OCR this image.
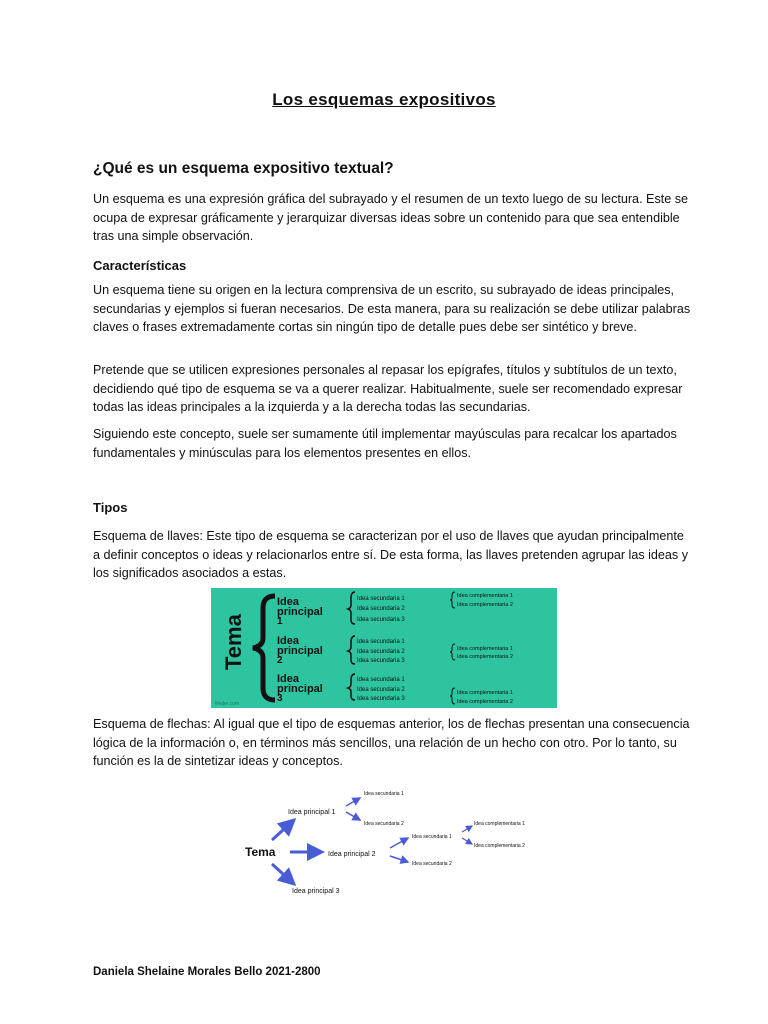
Los esquemas expositivos
¿Qué es un esquema expositivo textual?

Un esquema es una expresión gráfica del subrayado y el resumen de un texto luego de su lectura. Este se ocupa de expresar gráficamente y jerarquizar diversas ideas sobre un contenido para que sea entendible tras una simple observación.

Características

Un esquema tiene su origen en la lectura comprensiva de un escrito, su subrayado de ideas principales, secundarias y ejemplos si fueran necesarios. De esta manera, para su realización se debe utilizar palabras claves o frases extremadamente cortas sin ningún tipo de detalle pues debe ser sintético y breve.

Pretende que se utilicen expresiones personales al repasar los epígrafes, títulos y subtítulos de un texto, decidiendo qué tipo de esquema se va a querer realizar. Habitualmente, suele ser recomendado expresar todas las ideas principales a la izquierda y a la derecha todas las secundarias.

Siguiendo este concepto, suele ser sumamente útil implementar mayúsculas para recalcar los apartados fundamentales y minúsculas para los elementos presentes en ellos.

Tipos

Esquema de llaves: Este tipo de esquema se caracterizan por el uso de llaves que ayudan principalmente a definir conceptos o ideas y relacionarlos entre sí. De esta forma, las llaves pretenden agrupar las ideas y los significados asociados a estas.

Tema
Idea
principal
1
Idea secundaria 1
Idea secundaria 2
Idea secundaria 3
Idea complementaria 1
Idea complementaria 2
Idea
principal
2
Idea secundaria 1
Idea secundaria 2
Idea secundaria 3
Idea complementaria 1
Idea complementaria 2
Idea
principal
3
Idea secundaria 1
Idea secundaria 2
Idea secundaria 3
Idea complementaria 1
Idea complementaria 2
lifeder.com

Esquema de flechas: Al igual que el tipo de esquemas anterior, los de flechas presentan una consecuencia lógica de la información o, en términos más sencillos, una relación de un hecho con otro. Por lo tanto, su función es la de sintetizar ideas y conceptos.

Tema
Idea principal 1
Idea secundaria 1
Idea secundaria 2
Idea principal 2
Idea secundaria 1
Idea secundaria 2
Idea complementaria 1
Idea complementaria 2
Idea principal 3
Daniela Shelaine Morales Bello 2021-2800
